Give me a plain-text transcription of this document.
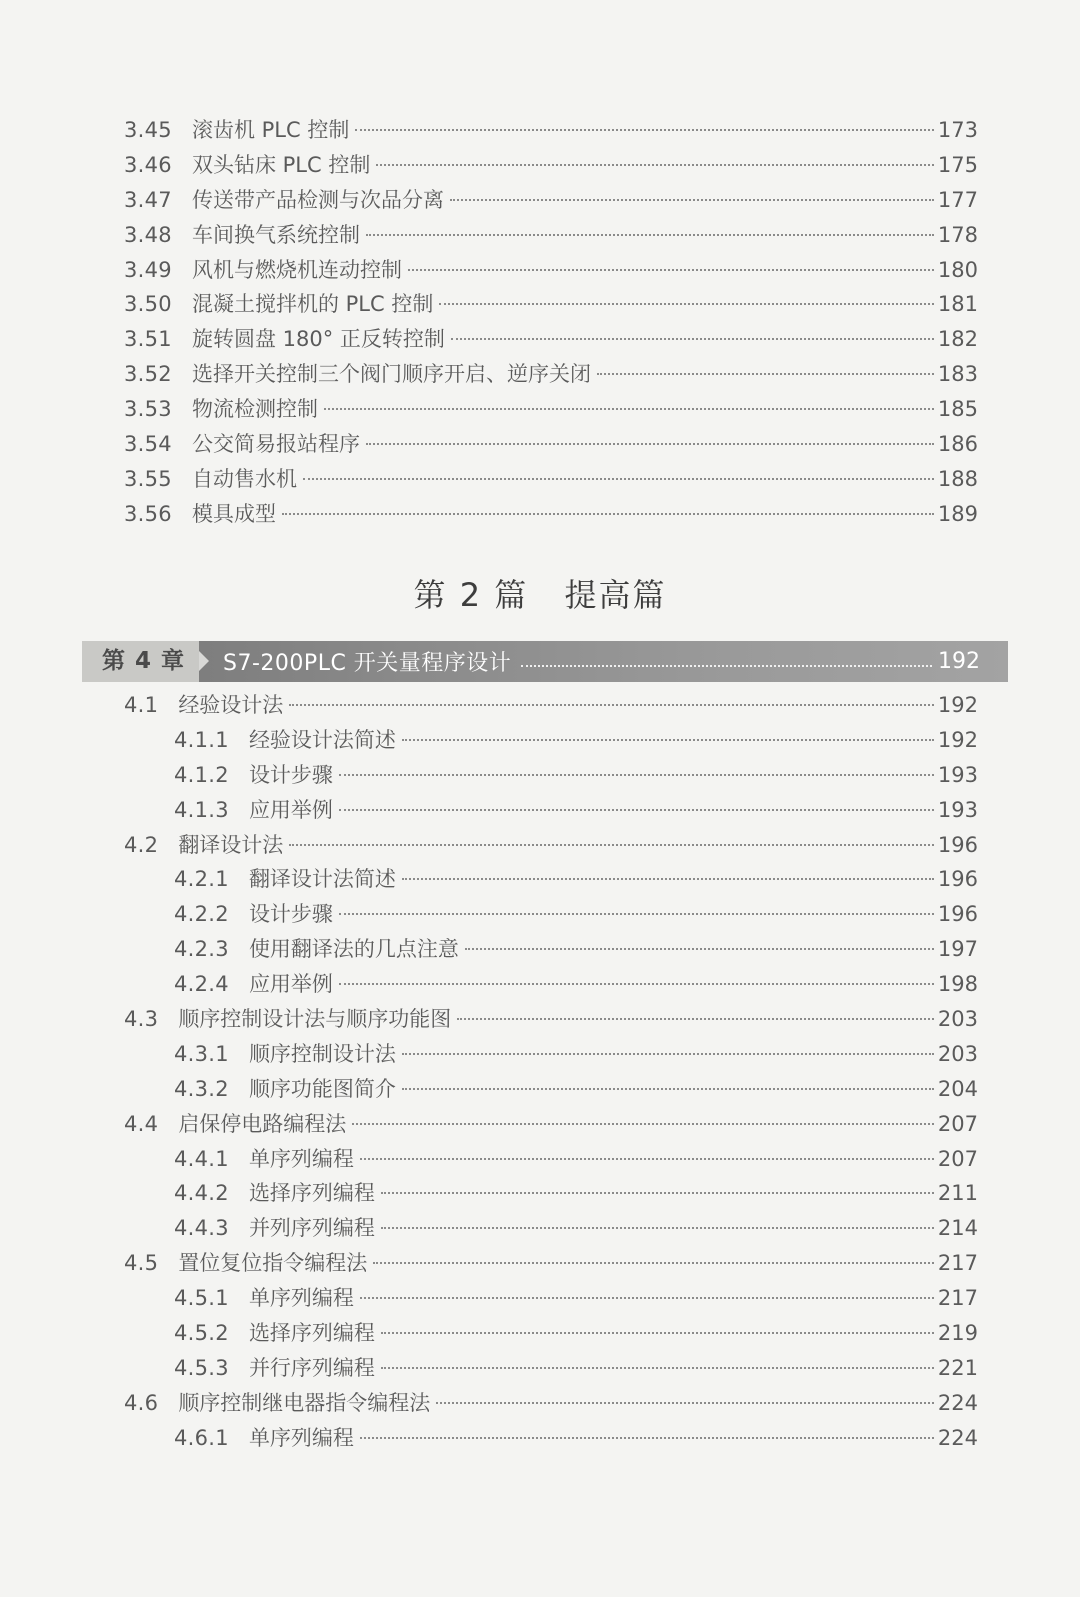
3.45 滚齿机 PLC 控制	173
3.46 双头钻床 PLC 控制	175
3.47 传送带产品检测与次品分离	177
3.48 车间换气系统控制	178
3.49 风机与燃烧机连动控制	180
3.50 混凝土搅拌机的 PLC 控制	181
3.51 旋转圆盘 180° 正反转控制	182
3.52 选择开关控制三个阀门顺序开启、逆序关闭	183
3.53 物流检测控制	185
3.54 公交简易报站程序	186
3.55 自动售水机	188
3.56 模具成型	189
第 2 篇 提高篇
第 4 章	S7-200PLC 开关量程序设计	192
4.1 经验设计法	192
4.1.1 经验设计法简述	192
4.1.2 设计步骤	193
4.1.3 应用举例	193
4.2 翻译设计法	196
4.2.1 翻译设计法简述	196
4.2.2 设计步骤	196
4.2.3 使用翻译法的几点注意	197
4.2.4 应用举例	198
4.3 顺序控制设计法与顺序功能图	203
4.3.1 顺序控制设计法	203
4.3.2 顺序功能图简介	204
4.4 启保停电路编程法	207
4.4.1 单序列编程	207
4.4.2 选择序列编程	211
4.4.3 并列序列编程	214
4.5 置位复位指令编程法	217
4.5.1 单序列编程	217
4.5.2 选择序列编程	219
4.5.3 并行序列编程	221
4.6 顺序控制继电器指令编程法	224
4.6.1 单序列编程	224
